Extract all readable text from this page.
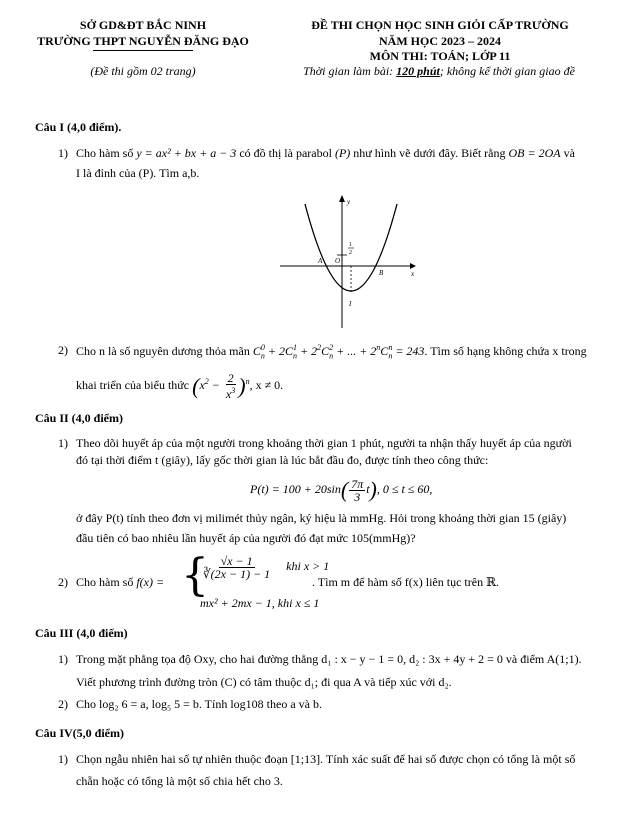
SỞ GD&ĐT BẮC NINH
TRƯỜNG THPT NGUYỄN ĐĂNG ĐẠO
(Đề thi gồm 02 trang)
ĐỀ THI CHỌN HỌC SINH GIỎI CẤP TRƯỜNG
NĂM HỌC 2023 – 2024
MÔN THI: TOÁN; LỚP 11
Thời gian làm bài: 120 phút; không kể thời gian giao đề
Câu I (4,0 điểm).
1) Cho hàm số y = ax² + bx + a − 3 có đồ thị là parabol (P) như hình vẽ dưới đây. Biết rằng OB = 2OA và
I là đỉnh của (P). Tìm a,b.
y
x
O
A
B
I
1
2
2) Cho n là số nguyên dương thỏa mãn $C_n^0 + 2C_n^1 + 2^2C_n^2$ + ... + $2^nC_n^n = 243$. Tìm số hạng không chứa x trong
khai triển của biểu thức $(x^2 - \frac{2}{x^3} )^n$, x ≠ 0.
Câu II (4,0 điểm)
1) Theo dõi huyết áp của một người trong khoảng thời gian 1 phút, người ta nhận thấy huyết áp của người
đó tại thời điểm t (giây), lấy gốc thời gian là lúc bắt đầu đo, được tính theo công thức:
$P(t) = 100 + 20\sin( \frac{7\pi}{3} t)$, 0 ≤ t ≤ 60,
ở đây P(t) tính theo đơn vị milimét thủy ngân, ký hiệu là mmHg. Hỏi trong khoảng thời gian 15 (giây)
đầu tiên có bao nhiêu lần huyết áp của người đó đạt mức 105(mmHg)?
2) Cho hàm số f(x) = {
$\frac{√x - 1}{∛(2x - 1) - 1}$ khi x > 1
mx² + 2mx − 1, khi x ≤ 1
. Tìm m để hàm số f(x) liên tục trên ℝ.
Câu III (4,0 điểm)
1) Trong mặt phẳng tọa độ Oxy, cho hai đường thẳng d₁ : x − y − 1 = 0, d₂ : 3x + 4y + 2 = 0 và điểm A(1;1).
Viết phương trình đường tròn (C) có tâm thuộc d₁; đi qua A và tiếp xúc với d₂.
2) Cho log₂ 6 = a, log₅ 5 = b. Tính log108 theo a và b.
Câu IV(5,0 điểm)
1) Chọn ngẫu nhiên hai số tự nhiên thuộc đoạn [1;13]. Tính xác suất để hai số được chọn có tổng là một số
chẵn hoặc có tổng là một số chia hết cho 3.
